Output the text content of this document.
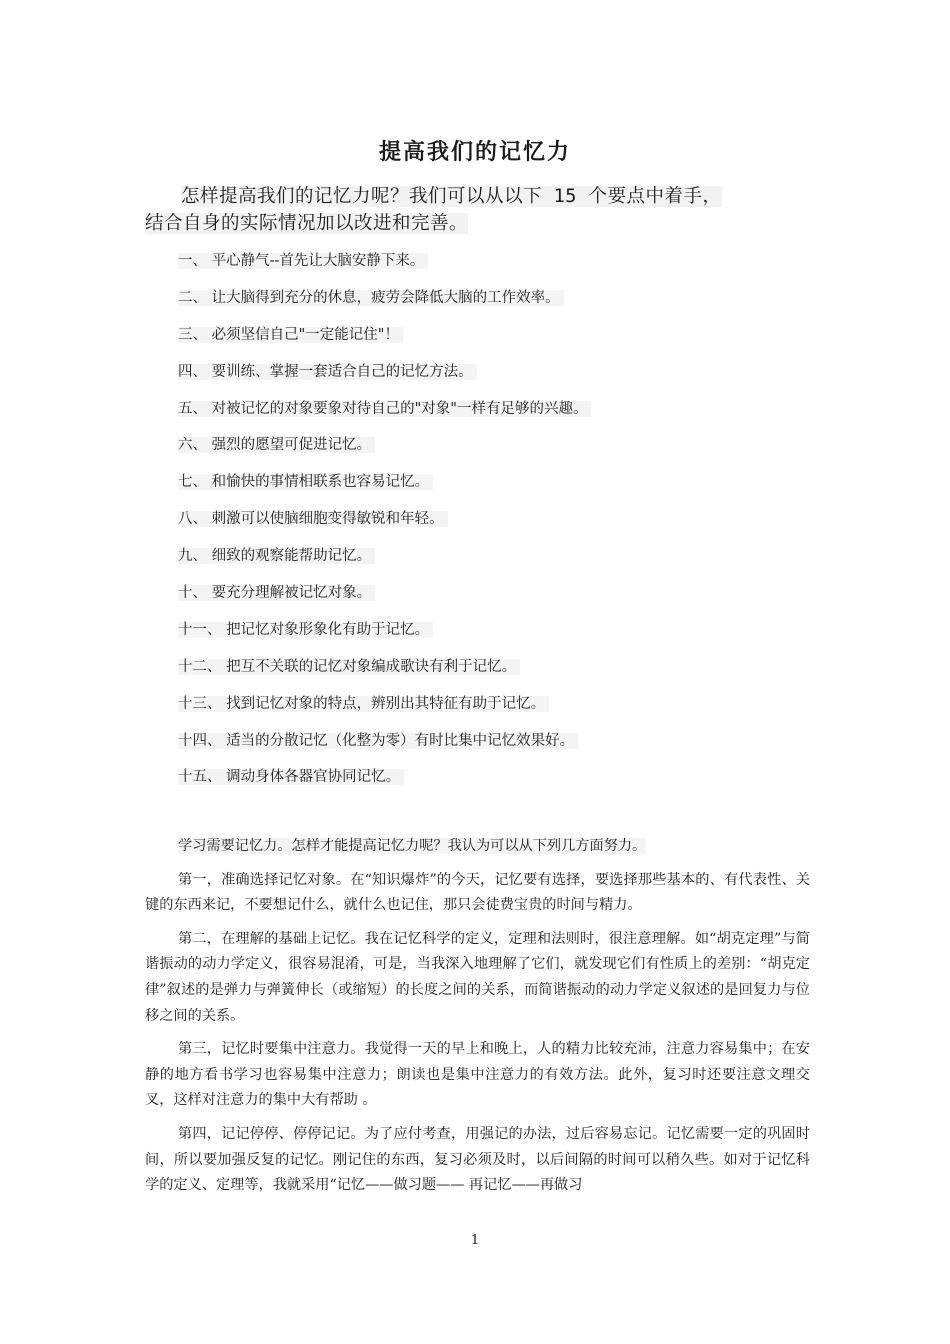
提高我们的记忆力
怎样提高我们的记忆力呢？我们可以从以下 15 个要点中着手，
结合自身的实际情况加以改进和完善。
一、 平心静气--首先让大脑安静下来。
二、 让大脑得到充分的休息，疲劳会降低大脑的工作效率。
三、 必须坚信自己"一定能记住"！
四、 要训练、掌握一套适合自己的记忆方法。
五、 对被记忆的对象要象对待自己的"对象"一样有足够的兴趣。
六、 强烈的愿望可促进记忆。
七、 和愉快的事情相联系也容易记忆。
八、 刺激可以使脑细胞变得敏锐和年轻。
九、 细致的观察能帮助记忆。
十、 要充分理解被记忆对象。
十一、 把记忆对象形象化有助于记忆。
十二、 把互不关联的记忆对象编成歌诀有利于记忆。
十三、 找到记忆对象的特点，辨别出其特征有助于记忆。
十四、 适当的分散记忆（化整为零）有时比集中记忆效果好。
十五、 调动身体各器官协同记忆。

学习需要记忆力。怎样才能提高记忆力呢？我认为可以从下列几方面努力。

第一，准确选择记忆对象。在“知识爆炸”的今天，记忆要有选择，要选择那些基本的、有代表性、关键的东西来记，不要想记什么，就什么也记住，那只会徒费宝贵的时间与精力。

第二，在理解的基础上记忆。我在记忆科学的定义，定理和法则时，很注意理解。如“胡克定理”与简谐振动的动力学定义，很容易混淆，可是，当我深入地理解了它们，就发现它们有性质上的差别：“胡克定律”叙述的是弹力与弹簧伸长（或缩短）的长度之间的关系，而简谐振动的动力学定义叙述的是回复力与位移之间的关系。

第三，记忆时要集中注意力。我觉得一天的早上和晚上，人的精力比较充沛，注意力容易集中；在安静的地方看书学习也容易集中注意力；朗读也是集中注意力的有效方法。此外，复习时还要注意文理交叉，这样对注意力的集中大有帮助 。

第四，记记停停、停停记记。为了应付考查，用强记的办法，过后容易忘记。记忆需要一定的巩固时间，所以要加强反复的记忆。刚记住的东西，复习必须及时，以后间隔的时间可以稍久些。如对于记忆科学的定义、定理等，我就采用“记忆——做习题—— 再记忆——再做习

1
